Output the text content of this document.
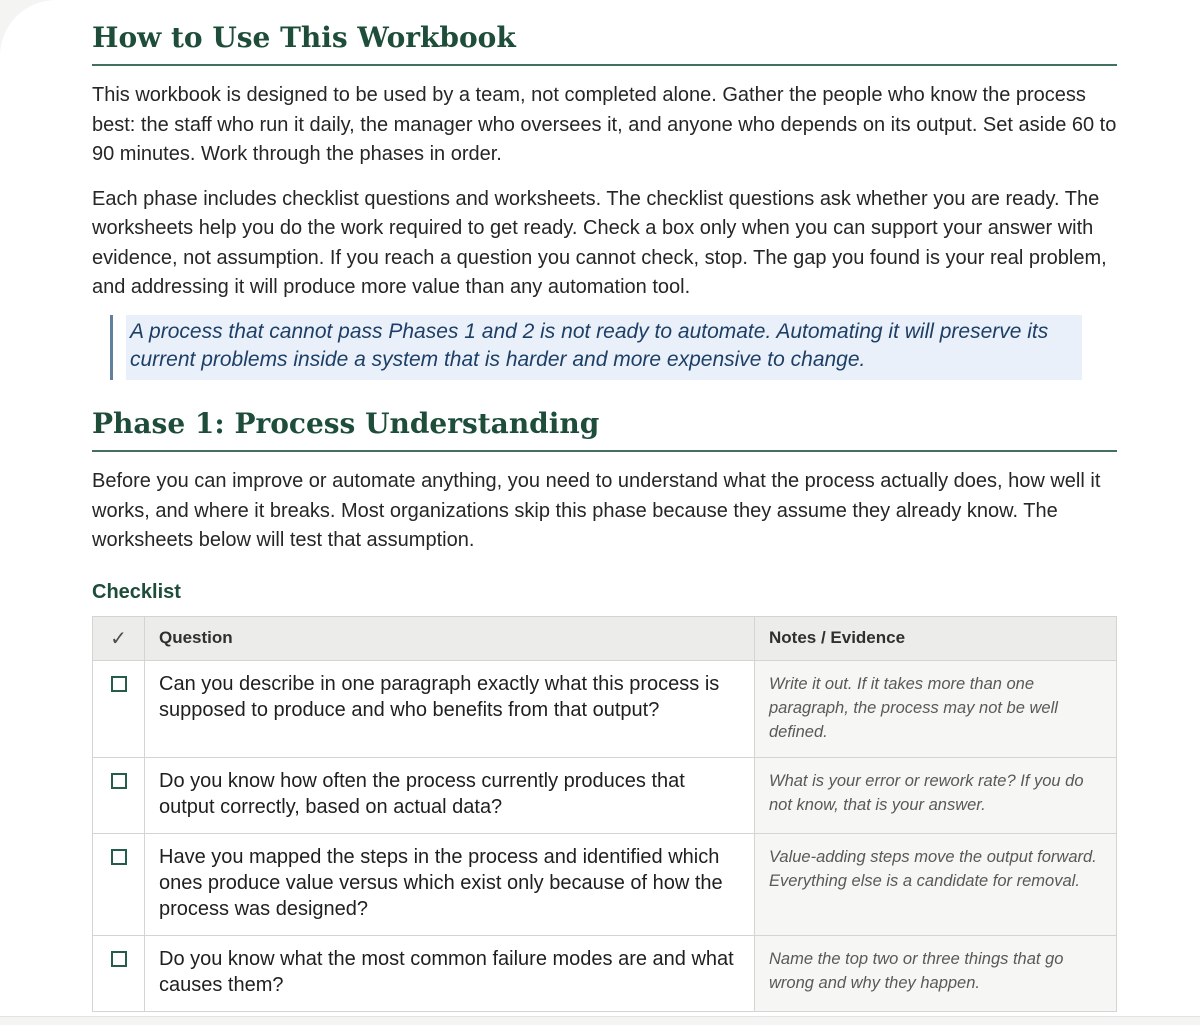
How to Use This Workbook

This workbook is designed to be used by a team, not completed alone. Gather the people who know the process best: the staff who run it daily, the manager who oversees it, and anyone who depends on its output. Set aside 60 to 90 minutes. Work through the phases in order.

Each phase includes checklist questions and worksheets. The checklist questions ask whether you are ready. The worksheets help you do the work required to get ready. Check a box only when you can support your answer with evidence, not assumption. If you reach a question you cannot check, stop. The gap you found is your real problem, and addressing it will produce more value than any automation tool.

A process that cannot pass Phases 1 and 2 is not ready to automate. Automating it will preserve its current problems inside a system that is harder and more expensive to change.
Phase 1: Process Understanding

Before you can improve or automate anything, you need to understand what the process actually does, how well it works, and where it breaks. Most organizations skip this phase because they assume they already know. The worksheets below will test that assumption.

Checklist
✓	Question	Notes / Evidence
	Can you describe in one paragraph exactly what this process is supposed to produce and who benefits from that output?	Write it out. If it takes more than one paragraph, the process may not be well defined.
	Do you know how often the process currently produces that output correctly, based on actual data?	What is your error or rework rate? If you do not know, that is your answer.
	Have you mapped the steps in the process and identified which ones produce value versus which exist only because of how the process was designed?	Value-adding steps move the output forward. Everything else is a candidate for removal.
	Do you know what the most common failure modes are and what causes them?	Name the top two or three things that go wrong and why they happen.
